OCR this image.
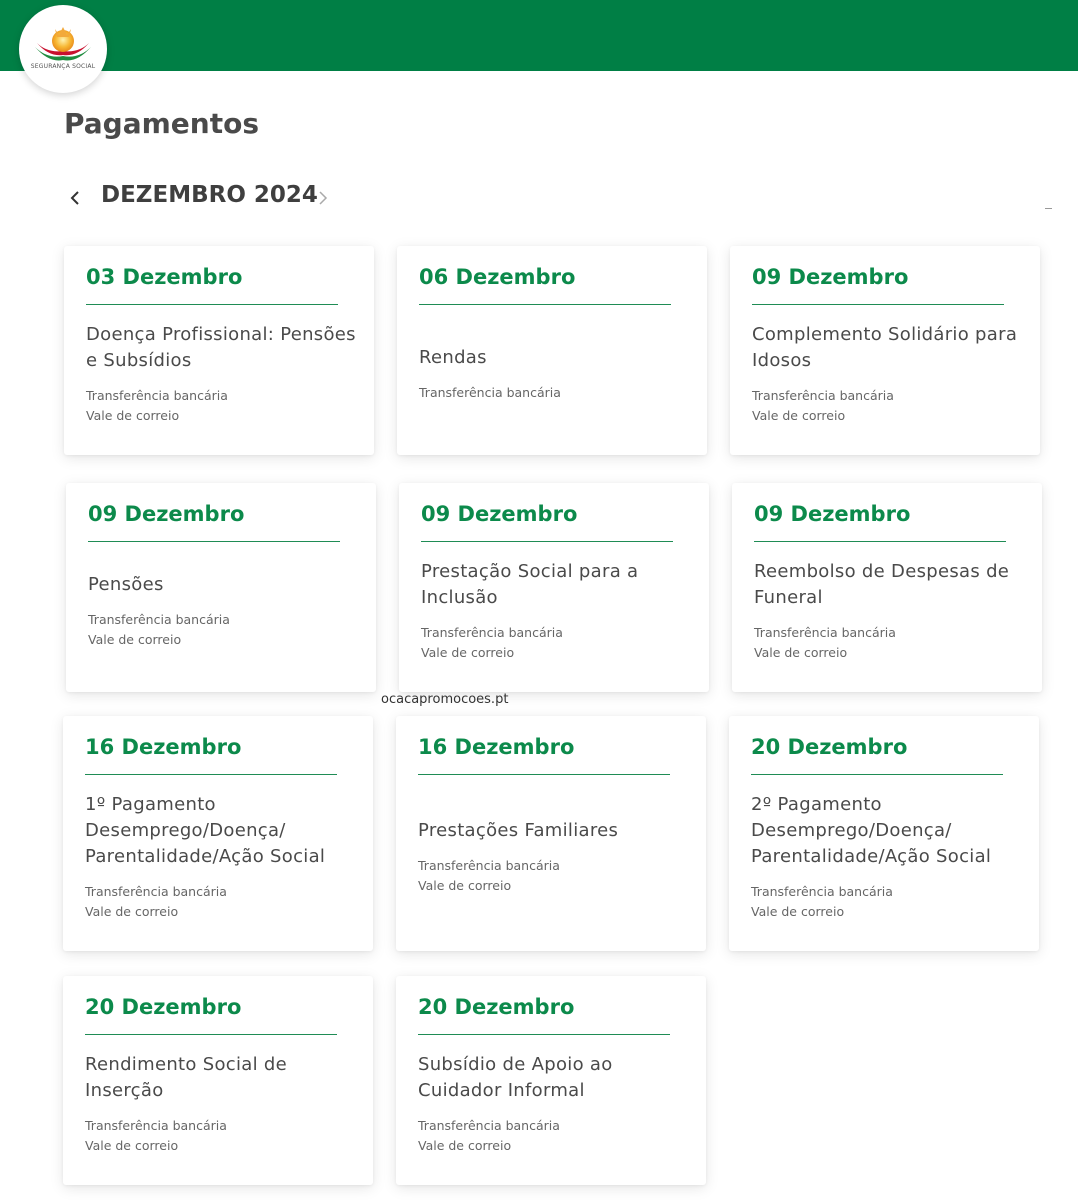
SEGURANÇA SOCIAL
Pagamentos
DEZEMBRO 2024
03 Dezembro
Doença Profissional: Pensões e Subsídios
Transferência bancária
Vale de correio
06 Dezembro
Rendas
Transferência bancária
09 Dezembro
Complemento Solidário para Idosos
Transferência bancária
Vale de correio
09 Dezembro
Pensões
Transferência bancária
Vale de correio
09 Dezembro
Prestação Social para a Inclusão
Transferência bancária
Vale de correio
09 Dezembro
Reembolso de Despesas de Funeral
Transferência bancária
Vale de correio
ocacapromocoes.pt
16 Dezembro
1º Pagamento Desemprego/Doença/ Parentalidade/Ação Social
Transferência bancária
Vale de correio
16 Dezembro
Prestações Familiares
Transferência bancária
Vale de correio
20 Dezembro
2º Pagamento Desemprego/Doença/ Parentalidade/Ação Social
Transferência bancária
Vale de correio
20 Dezembro
Rendimento Social de Inserção
Transferência bancária
Vale de correio
20 Dezembro
Subsídio de Apoio ao Cuidador Informal
Transferência bancária
Vale de correio
